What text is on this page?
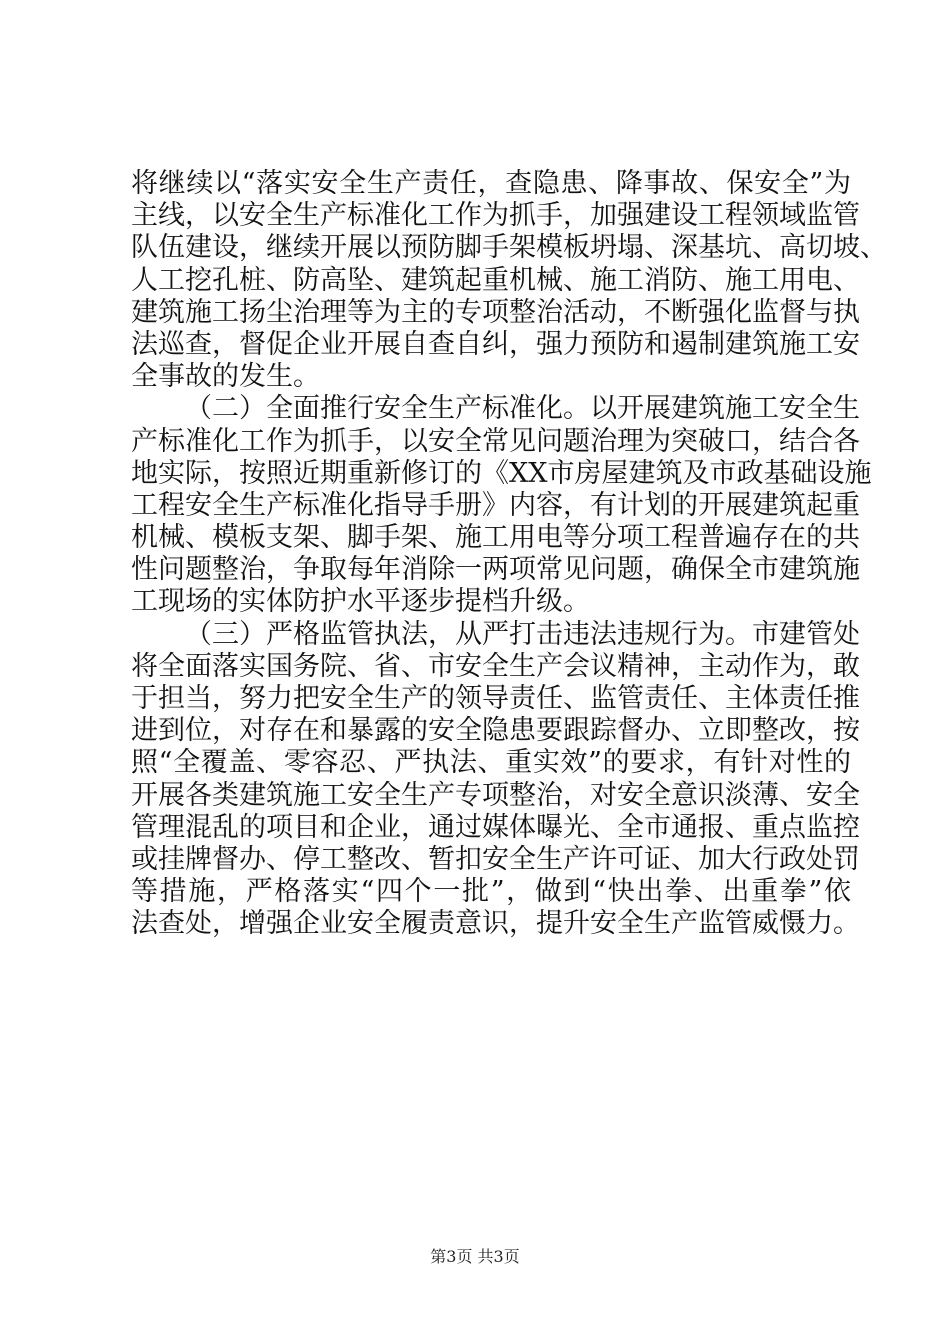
将继续以“落实安全生产责任，查隐患、降事故、保安全”为
主线，以安全生产标准化工作为抓手，加强建设工程领域监管
队伍建设，继续开展以预防脚手架模板坍塌、深基坑、高切坡、
人工挖孔桩、防高坠、建筑起重机械、施工消防、施工用电、
建筑施工扬尘治理等为主的专项整治活动，不断强化监督与执
法巡查，督促企业开展自查自纠，强力预防和遏制建筑施工安
全事故的发生。
（二）全面推行安全生产标准化。以开展建筑施工安全生
产标准化工作为抓手，以安全常见问题治理为突破口，结合各
地实际，按照近期重新修订的《XX市房屋建筑及市政基础设施
工程安全生产标准化指导手册》内容，有计划的开展建筑起重
机械、模板支架、脚手架、施工用电等分项工程普遍存在的共
性问题整治，争取每年消除一两项常见问题，确保全市建筑施
工现场的实体防护水平逐步提档升级。
（三）严格监管执法，从严打击违法违规行为。市建管处
将全面落实国务院、省、市安全生产会议精神，主动作为，敢
于担当，努力把安全生产的领导责任、监管责任、主体责任推
进到位，对存在和暴露的安全隐患要跟踪督办、立即整改，按
照“全覆盖、零容忍、严执法、重实效”的要求，有针对性的
开展各类建筑施工安全生产专项整治，对安全意识淡薄、安全
管理混乱的项目和企业，通过媒体曝光、全市通报、重点监控
或挂牌督办、停工整改、暂扣安全生产许可证、加大行政处罚
等措施，严格落实“四个一批”，做到“快出拳、出重拳”依
法查处，增强企业安全履责意识，提升安全生产监管威慑力。
第3页 共3页
